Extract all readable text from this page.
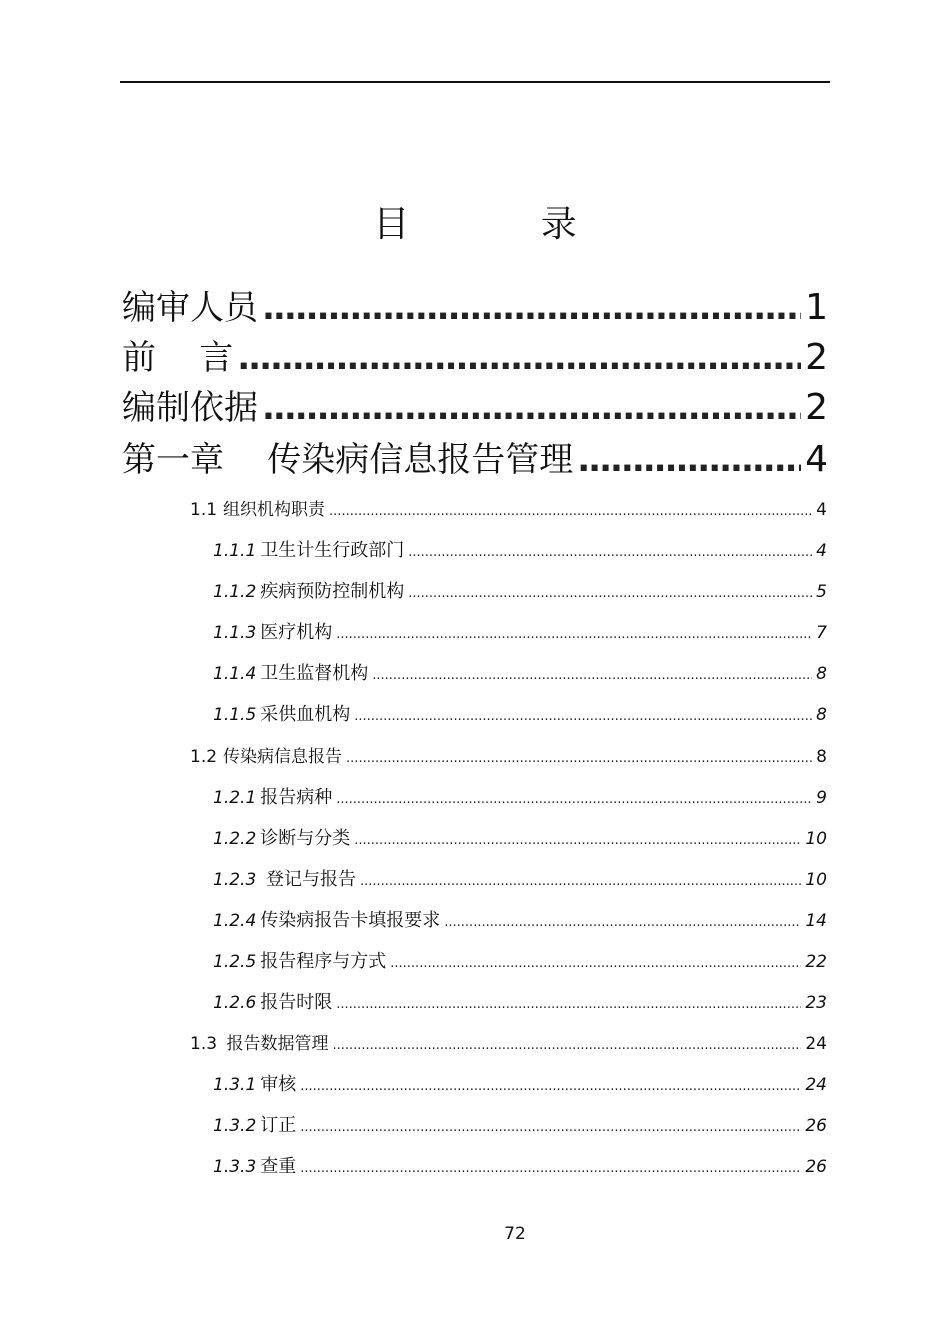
目 录
编审人员 .....	1
前    言 .....	2
编制依据 .....	2
第一章    传染病信息报告管理 .....	4
1.1 组织机构职责 .....	4
1.1.1 卫生计生行政部门 .....	4
1.1.2 疾病预防控制机构 .....	5
1.1.3 医疗机构 .....	7
1.1.4 卫生监督机构 .....	8
1.1.5 采供血机构 .....	8
1.2 传染病信息报告 .....	8
1.2.1 报告病种 .....	9
1.2.2 诊断与分类 .....	10
1.2.3 登记与报告 .....	10
1.2.4 传染病报告卡填报要求 .....	14
1.2.5 报告程序与方式 .....	22
1.2.6 报告时限 .....	23
1.3 报告数据管理 .....	24
1.3.1 审核 .....	24
1.3.2 订正 .....	26
1.3.3 查重 .....	26
72
